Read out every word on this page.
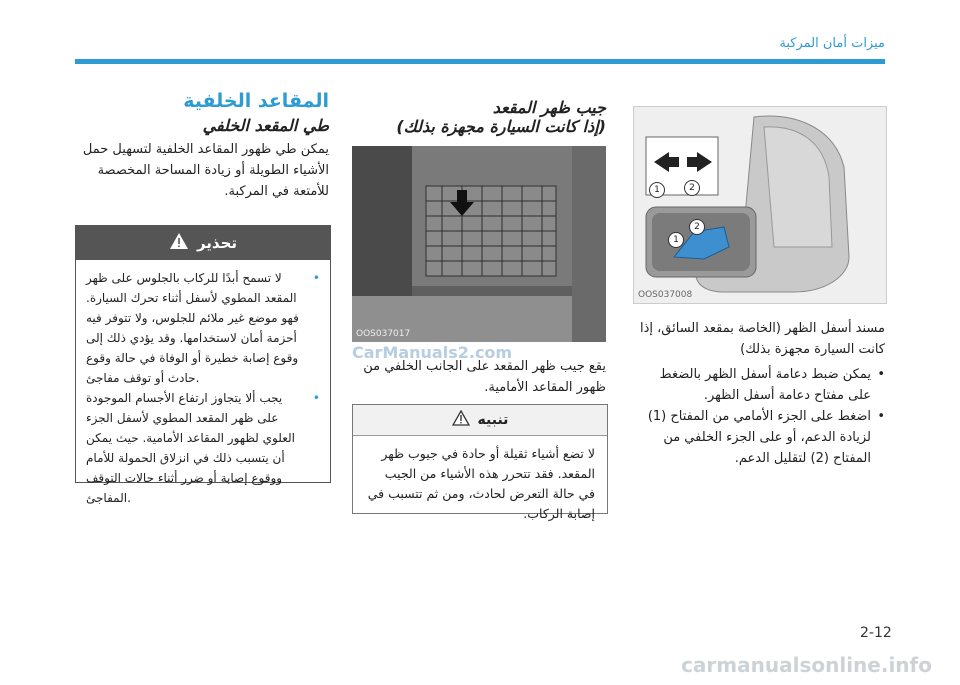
ميزات أمان المركبة
OOS037008
1	2
1
2

مسند أسفل الظهر (الخاصة بمقعد السائق، إذا كانت السيارة مجهزة بذلك)

• يمكن ضبط دعامة أسفل الظهر بالضغط على مفتاح دعامة أسفل الظهر.
• اضغط على الجزء الأمامي من المفتاح (1) لزيادة الدعم، أو على الجزء الخلفي من المفتاح (2) لتقليل الدعم.
جيب ظهر المقعد
(إذا كانت السيارة مجهزة بذلك)
OOS037017
CarManuals2.com

يقع جيب ظهر المقعد على الجانب الخلفي من ظهور المقاعد الأمامية.

تنبيه
لا تضع أشياء ثقيلة أو حادة في جيوب ظهر المقعد. فقد تتحرر هذه الأشياء من الجيب في حالة التعرض لحادث، ومن ثم تتسبب في إصابة الركاب.
المقاعد الخلفية
طي المقعد الخلفي

يمكن طي ظهور المقاعد الخلفية لتسهيل حمل الأشياء الطويلة أو زيادة المساحة المخصصة للأمتعة في المركبة.

تحذير
• لا تسمح أبدًا للركاب بالجلوس على ظهر المقعد المطوي لأسفل أثناء تحرك السيارة. فهو موضع غير ملائم للجلوس، ولا تتوفر فيه أحزمة أمان لاستخدامها. وقد يؤدي ذلك إلى وقوع إصابة خطيرة أو الوفاة في حالة وقوع حادث أو توقف مفاجئ.
• يجب ألا يتجاوز ارتفاع الأجسام الموجودة على ظهر المقعد المطوي لأسفل الجزء العلوي لظهور المقاعد الأمامية. حيث يمكن أن يتسبب ذلك في انزلاق الحمولة للأمام ووقوع إصابة أو ضرر أثناء حالات التوقف المفاجئ.
2-12
carmanualsonline.info
